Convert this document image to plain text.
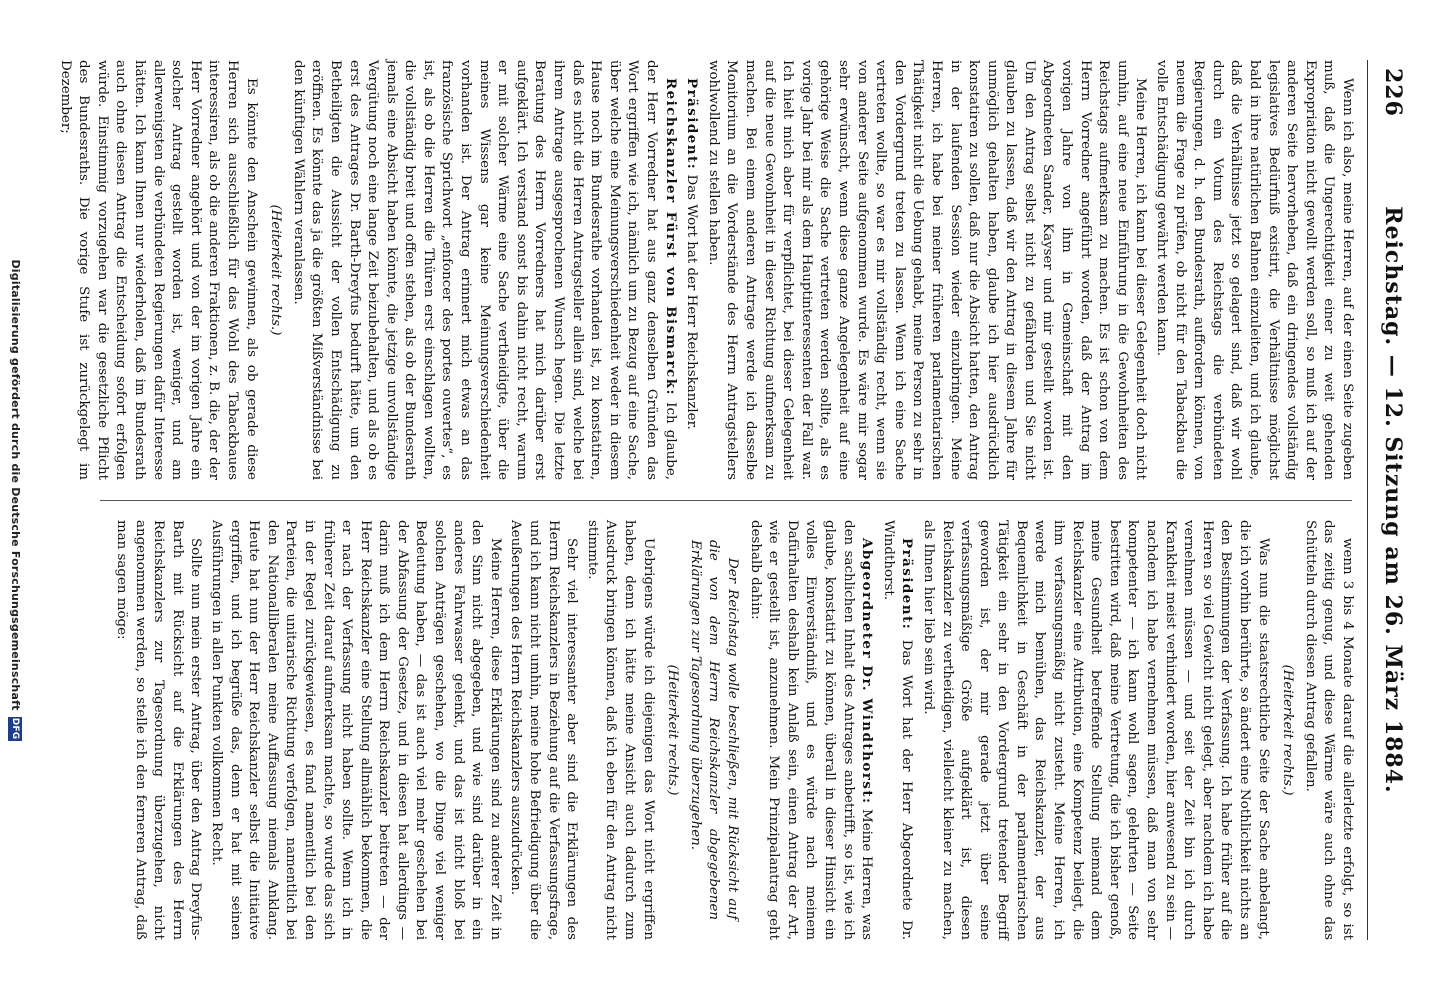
226
Reichstag. — 12. Sitzung am 26. März 1884.

Wenn ich also, meine Herren, auf der einen Seite zugeben muß, daß die Ungerechtigkeit einer zu weit gehenden Expropriation nicht gewollt werden soll, so muß ich auf der anderen Seite hervorheben, daß ein dringendes vollständig legislatives Bedürfniß existirt, die Verhältnisse möglichst bald in ihre natürlichen Bahnen einzuleiten, und ich glaube, daß die Verhältnisse jetzt so gelagert sind, daß wir wohl durch ein Votum des Reichstags die verbündeten Regierungen, d. h. den Bundesrath, auffordern können, von neuem die Frage zu prüfen, ob nicht für den Tabackbau die volle Entschädigung gewährt werden kann.

Meine Herren, ich kann bei dieser Gelegenheit doch nicht umhin, auf eine neue Einführung in die Gewohnheiten des Reichstags aufmerksam zu machen. Es ist schon von dem Herrn Vorredner angeführt worden, daß der Antrag im vorigen Jahre von ihm in Gemeinschaft mit den Abgeordneten Sander, Kayser und mir gestellt worden ist. Um den Antrag selbst nicht zu gefährden und Sie nicht glauben zu lassen, daß wir den Antrag in diesem Jahre für unmöglich gehalten haben, glaube ich hier ausdrücklich konstatiren zu sollen, daß nur die Absicht hatten, den Antrag in der laufenden Session wieder einzubringen. Meine Herren, ich habe bei meiner früheren parlamentarischen Thätigkeit nicht die Uebung gehabt, meine Person zu sehr in den Vordergrund treten zu lassen. Wenn ich eine Sache vertreten wollte, so war es mir vollständig recht, wenn sie von anderer Seite aufgenommen wurde. Es wäre mir sogar sehr erwünscht, wenn diese ganze Angelegenheit auf eine gehörige Weise die Sache vertreten werden sollte, als es vorige Jahr bei mir als dem Hauptinteressenten der Fall war. Ich hielt mich aber für verpflichtet, bei dieser Gelegenheit auf die neue Gewohnheit in dieser Richtung aufmerksam zu machen. Bei einem anderen Antrage werde ich dasselbe Monitorium an die Vorderstände des Herrn Antragstellers wohlwollend zu stellen haben.

Präsident: Das Wort hat der Herr Reichskanzler.

Reichskanzler Fürst von Bismarck: Ich glaube, der Herr Vorredner hat aus ganz denselben Gründen das Wort ergriffen wie ich, nämlich um zu Bezug auf eine Sache, über welche eine Meinungsverschiedenheit weder in diesem Hause noch im Bundesrathe vorhanden ist, zu konstatiren, daß es nicht die Herren Antragsteller allein sind, welche bei ihrem Antrage ausgesprochenen Wunsch hegen. Die letzte Beratung des Herrn Vorredners hat mich darüber erst aufgeklärt. Ich verstand sonst bis dahin nicht recht, warum er mit solcher Wärme eine Sache vertheidigte, über die meines Wissens gar keine Meinungsverschiedenheit vorhanden ist. Der Antrag erinnert mich etwas an das französische Sprichwort „enfoncer des portes ouvertes“, es ist, als ob die Herren die Thüren erst einschlagen wollten, die vollständig breit und offen stehen, als ob der Bundesrath jemals eine Absicht haben könnte, die jetzige unvollständige Vergütung noch eine lange Zeit beizubehalten, und als ob es erst des Antrages Dr. Barth-Dreyfus bedurft hätte, um den Betheiligten die Aussicht der vollen Entschädigung zu eröffnen. Es könnte das ja die größten Mißverständnisse bei den künftigen Wählern veranlassen.

(Heiterkeit rechts.)

Es könnte den Anschein gewinnen, als ob gerade diese Herren sich ausschließlich für das Wohl des Tabackbaues interessiren, als ob die anderen Fraktionen, z. B. die, der der Herr Vorredner angehört und von der im vorigen Jahre ein solcher Antrag gestellt worden ist, weniger, und am allerwenigsten die verbündeten Regierungen dafür Interesse hätten. Ich kann Ihnen nur wiederholen, daß im Bundesrath auch ohne diesen Antrag die Entscheidung sofort erfolgen würde. Einstimmig vorzugehen war die gesetzliche Pflicht des Bundesraths. Die vorige Stufe ist zurückgelegt im Dezember;

wenn 3 bis 4 Monate darauf die allerletzte erfolgt, so ist das zeitig genug, und diese Wärme wäre auch ohne das Schütteln durch diesen Antrag gefallen.

(Heiterkeit rechts.)

Was nun die staatsrechtliche Seite der Sache anbelangt, die ich vorhin berührte, so ändert eine Nothlichkeit nichts an den Bestimmungen der Verfassung. Ich habe früher auf die Herren so viel Gewicht nicht gelegt, aber nachdem ich habe vernehmen müssen — und seit der Zeit bin ich durch Krankheit meist verhindert worden, hier anwesend zu sein — nachdem ich habe vernehmen müssen, daß man von sehr kompetenter — ich kann wohl sagen, gelehrten — Seite bestritten wird, daß meine Vertretung, die ich bisher genoß, meine Gesundheit betreffende Stellung niemand dem Reichskanzler eine Attribution, eine Kompetenz beilegt, die ihm verfassungsmäßig nicht zusteht. Meine Herren, ich werde mich bemühen, das Reichskanzler, der aus Bequemlichkeit in Geschäft in der parlamentarischen Tätigkeit ein sehr in den Vordergrund tretender Begriff geworden ist, der mir gerade jetzt über seine verfassungsmäßige Größe aufgeklärt ist, diesen Reichskanzler zu vertheidigen, vielleicht kleiner zu machen, als Ihnen hier lieb sein wird.

Präsident: Das Wort hat der Herr Abgeordnete Dr. Windthorst.

Abgeordneter Dr. Windthorst: Meine Herren, was den sachlichen Inhalt des Antrages anbetrifft, so ist, wie ich glaube, konstatirt zu können, überall in dieser Hinsicht ein volles Einverständniß, und es würde nach meinem Dafürhalten deshalb kein Anlaß sein, einen Antrag der Art, wie er gestellt ist, anzunehmen. Mein Prinzipalantrag geht deshalb dahin:

Der Reichstag wolle beschließen, mit Rücksicht auf die von dem Herrn Reichskanzler abgegebenen Erklärungen zur Tagesordnung überzugehen.

(Heiterkeit rechts.)

Uebrigens würde ich diejenigen das Wort nicht ergriffen haben, denn ich hätte meine Ansicht auch dadurch zum Ausdruck bringen können, daß ich eben für den Antrag nicht stimmte.

Sehr viel interessanter aber sind die Erklärungen des Herrn Reichskanzlers in Beziehung auf die Verfassungsfrage, und ich kann nicht umhin, meine hohe Befriedigung über die Aeußerungen des Herrn Reichskanzlers auszudrücken.

Meine Herren, diese Erklärungen sind zu anderer Zeit in den Sinn nicht abgegeben, und wie sind darüber in ein anderes Fahrwasser gelenkt, und das ist nicht bloß bei solchen Anträgen geschehen, wo die Dinge viel weniger Bedeutung haben, — das ist auch viel mehr geschehen bei der Abfassung der Gesetze, und in diesen hat allerdings — darin muß ich dem Herrn Reichskanzler beitreten — der Herr Reichskanzler eine Stellung allmählich bekommen, die er nach der Verfassung nicht haben sollte. Wenn ich in früherer Zeit darauf aufmerksam machte, so wurde das sich in der Regel zurückgewiesen, es fand namentlich bei den Parteien, die unitarische Richtung verfolgen, namentlich bei den Nationalliberalen meine Auffassung niemals Anklang. Heute hat nun der Herr Reichskanzler selbst die Initiative ergriffen, und ich begrüße das, denn er hat mit seinen Ausführungen in allen Punkten vollkommen Recht.

Sollte nun mein erster Antrag, über den Antrag Dreyfus-Barth mit Rücksicht auf die Erklärungen des Herrn Reichskanzlers zur Tagesordnung überzugehen, nicht angenommen werden, so stelle ich den ferneren Antrag, daß man sagen möge:

Digitalisierung gefördert durch die Deutsche ForschungsgemeinschaftDFG
